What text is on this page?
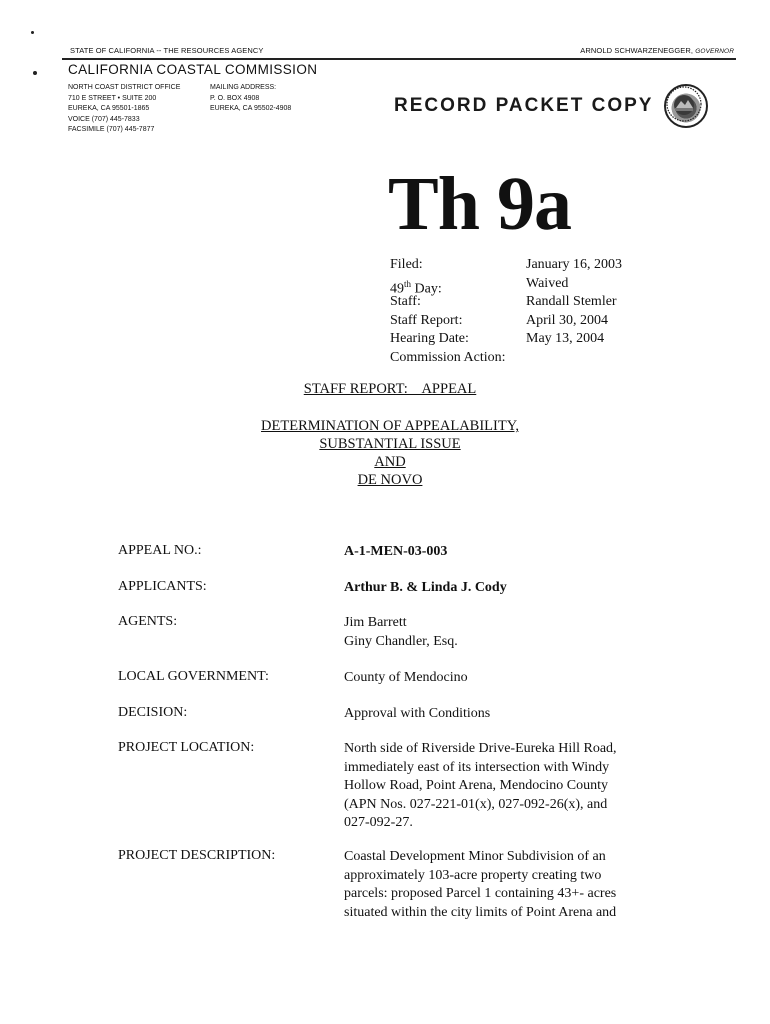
STATE OF CALIFORNIA -- THE RESOURCES AGENCY	ARNOLD SCHWARZENEGGER, GOVERNOR
CALIFORNIA COASTAL COMMISSION
NORTH COAST DISTRICT OFFICE
710 E STREET • SUITE 200
EUREKA, CA 95501-1865
VOICE (707) 445-7833
FACSIMILE (707) 445-7877
MAILING ADDRESS:
P. O. BOX 4908
EUREKA, CA 95502-4908	RECORD PACKET COPY
Th 9a
Filed:	January 16, 2003
49th Day:	Waived
Staff:	Randall Stemler
Staff Report:	April 30, 2004
Hearing Date:	May 13, 2004
Commission Action:
STAFF REPORT:    APPEAL
DETERMINATION OF APPEALABILITY,
SUBSTANTIAL ISSUE
AND
DE NOVO
APPEAL NO.:	A-1-MEN-03-003
APPLICANTS:	Arthur B. & Linda J. Cody
AGENTS:	Jim Barrett
Giny Chandler, Esq.
LOCAL GOVERNMENT:	County of Mendocino
DECISION:	Approval with Conditions
PROJECT LOCATION:	North side of Riverside Drive-Eureka Hill Road,
immediately east of its intersection with Windy
Hollow Road, Point Arena, Mendocino County
(APN Nos. 027-221-01(x), 027-092-26(x), and
027-092-27.
PROJECT DESCRIPTION:	Coastal Development Minor Subdivision of an
approximately 103-acre property creating two
parcels: proposed Parcel 1 containing 43+- acres
situated within the city limits of Point Arena and
